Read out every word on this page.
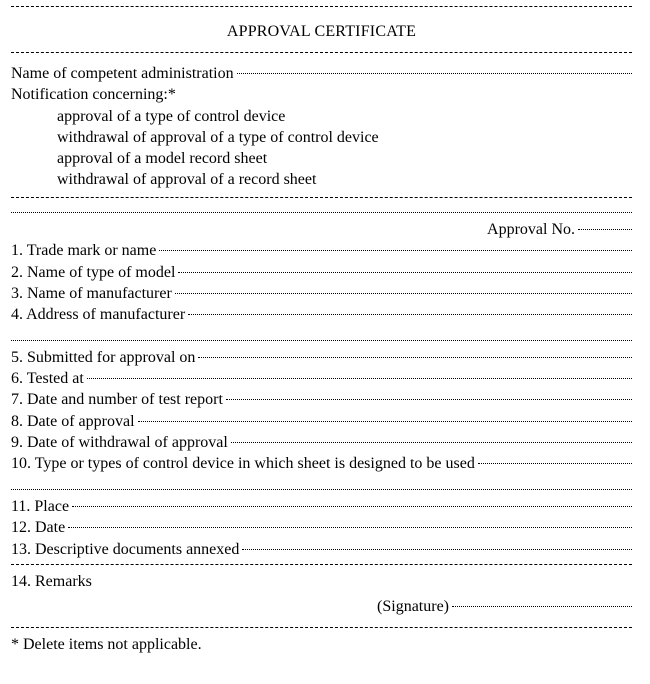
APPROVAL CERTIFICATE
Name of competent administration
Notification concerning:*
approval of a type of control device
withdrawal of approval of a type of control device
approval of a model record sheet
withdrawal of approval of a record sheet
Approval No.
1. Trade mark or name
2. Name of type of model
3. Name of manufacturer
4. Address of manufacturer
5. Submitted for approval on
6. Tested at
7. Date and number of test report
8. Date of approval
9. Date of withdrawal of approval
10. Type or types of control device in which sheet is designed to be used
11. Place
12. Date
13. Descriptive documents annexed
14. Remarks
(Signature)
* Delete items not applicable.
